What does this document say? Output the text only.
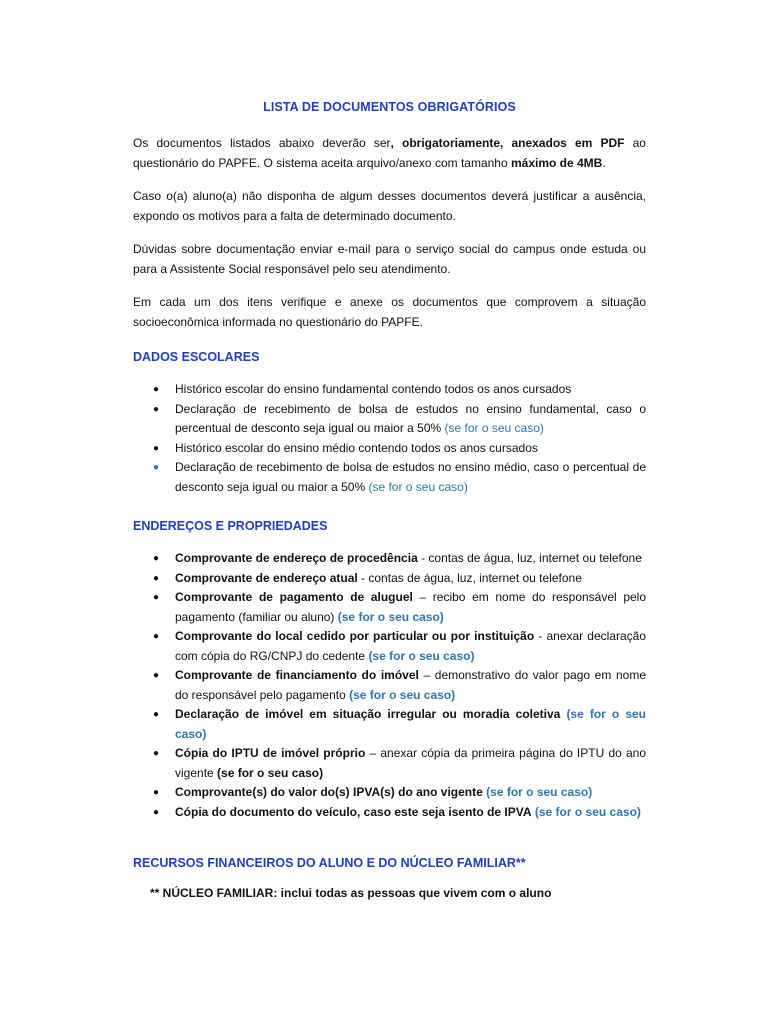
LISTA DE DOCUMENTOS OBRIGATÓRIOS

Os documentos listados abaixo deverão ser, obrigatoriamente, anexados em PDF ao questionário do PAPFE. O sistema aceita arquivo/anexo com tamanho máximo de 4MB.

Caso o(a) aluno(a) não disponha de algum desses documentos deverá justificar a ausência, expondo os motivos para a falta de determinado documento.

Dúvidas sobre documentação enviar e-mail para o serviço social do campus onde estuda ou para a Assistente Social responsável pelo seu atendimento.

Em cada um dos itens verifique e anexe os documentos que comprovem a situação socioeconômica informada no questionário do PAPFE.

DADOS ESCOLARES
● Histórico escolar do ensino fundamental contendo todos os anos cursados
● Declaração de recebimento de bolsa de estudos no ensino fundamental, caso o percentual de desconto seja igual ou maior a 50% (se for o seu caso)
● Histórico escolar do ensino médio contendo todos os anos cursados
● Declaração de recebimento de bolsa de estudos no ensino médio, caso o percentual de desconto seja igual ou maior a 50% (se for o seu caso)
ENDEREÇOS E PROPRIEDADES
● Comprovante de endereço de procedência - contas de água, luz, internet ou telefone
● Comprovante de endereço atual - contas de água, luz, internet ou telefone
● Comprovante de pagamento de aluguel – recibo em nome do responsável pelo pagamento (familiar ou aluno) (se for o seu caso)
● Comprovante do local cedido por particular ou por instituição - anexar declaração com cópia do RG/CNPJ do cedente (se for o seu caso)
● Comprovante de financiamento do imóvel – demonstrativo do valor pago em nome do responsável pelo pagamento (se for o seu caso)
● Declaração de imóvel em situação irregular ou moradia coletiva (se for o seu caso)
● Cópia do IPTU de imóvel próprio – anexar cópia da primeira página do IPTU do ano vigente (se for o seu caso)
● Comprovante(s) do valor do(s) IPVA(s) do ano vigente (se for o seu caso)
● Cópia do documento do veículo, caso este seja isento de IPVA (se for o seu caso)
RECURSOS FINANCEIROS DO ALUNO E DO NÚCLEO FAMILIAR**

** NÚCLEO FAMILIAR: inclui todas as pessoas que vivem com o aluno
